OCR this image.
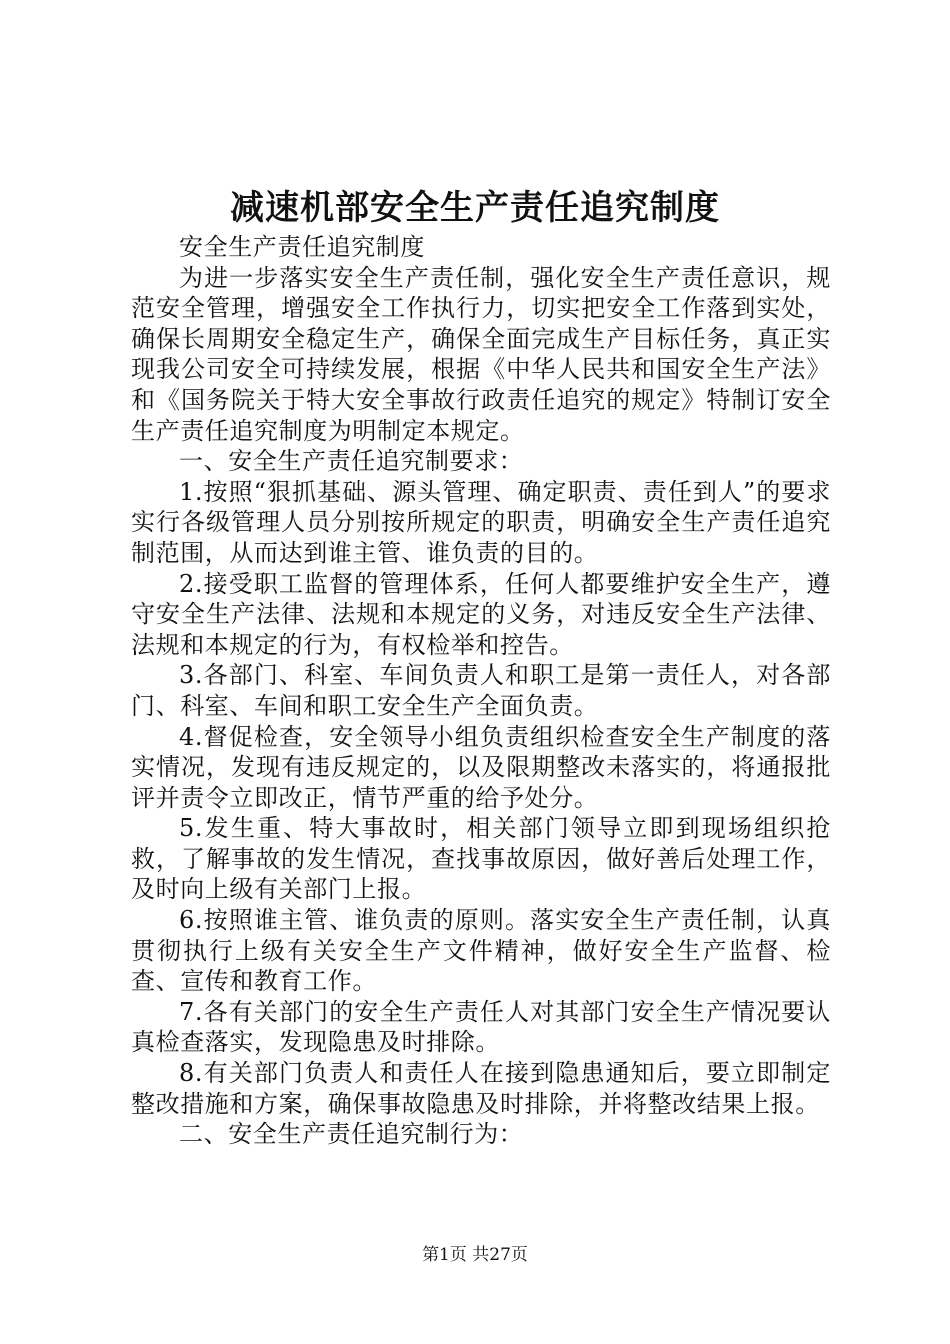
减速机部安全生产责任追究制度

安全生产责任追究制度

为进一步落实安全生产责任制，强化安全生产责任意识，规范安全管理，增强安全工作执行力，切实把安全工作落到实处，确保长周期安全稳定生产，确保全面完成生产目标任务，真正实现我公司安全可持续发展，根据《中华人民共和国安全生产法》和《国务院关于特大安全事故行政责任追究的规定》特制订安全生产责任追究制度为明制定本规定。

一、安全生产责任追究制要求：

1.按照“狠抓基础、源头管理、确定职责、责任到人”的要求实行各级管理人员分别按所规定的职责，明确安全生产责任追究制范围，从而达到谁主管、谁负责的目的。

2.接受职工监督的管理体系，任何人都要维护安全生产，遵守安全生产法律、法规和本规定的义务，对违反安全生产法律、法规和本规定的行为，有权检举和控告。

3.各部门、科室、车间负责人和职工是第一责任人，对各部门、科室、车间和职工安全生产全面负责。

4.督促检查，安全领导小组负责组织检查安全生产制度的落实情况，发现有违反规定的，以及限期整改未落实的，将通报批评并责令立即改正，情节严重的给予处分。

5.发生重、特大事故时，相关部门领导立即到现场组织抢救，了解事故的发生情况，查找事故原因，做好善后处理工作，及时向上级有关部门上报。

6.按照谁主管、谁负责的原则。落实安全生产责任制，认真贯彻执行上级有关安全生产文件精神，做好安全生产监督、检查、宣传和教育工作。

7.各有关部门的安全生产责任人对其部门安全生产情况要认真检查落实，发现隐患及时排除。

8.有关部门负责人和责任人在接到隐患通知后，要立即制定整改措施和方案，确保事故隐患及时排除，并将整改结果上报。

二、安全生产责任追究制行为：

第1页 共27页
